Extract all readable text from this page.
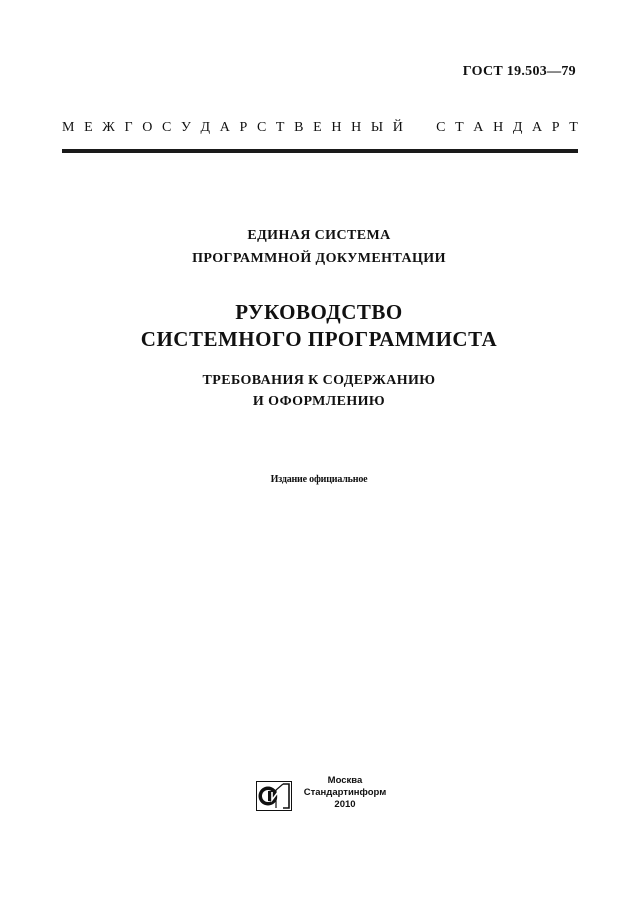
ГОСТ 19.503—79
М Е Ж Г О С У Д А Р С Т В Е Н Н Ы Й С Т А Н Д А Р Т
ЕДИНАЯ СИСТЕМА
ПРОГРАММНОЙ ДОКУМЕНТАЦИИ
РУКОВОДСТВО
СИСТЕМНОГО ПРОГРАММИСТА
ТРЕБОВАНИЯ К СОДЕРЖАНИЮ
И ОФОРМЛЕНИЮ
Издание официальное
Москва
Стандартинформ
2010
